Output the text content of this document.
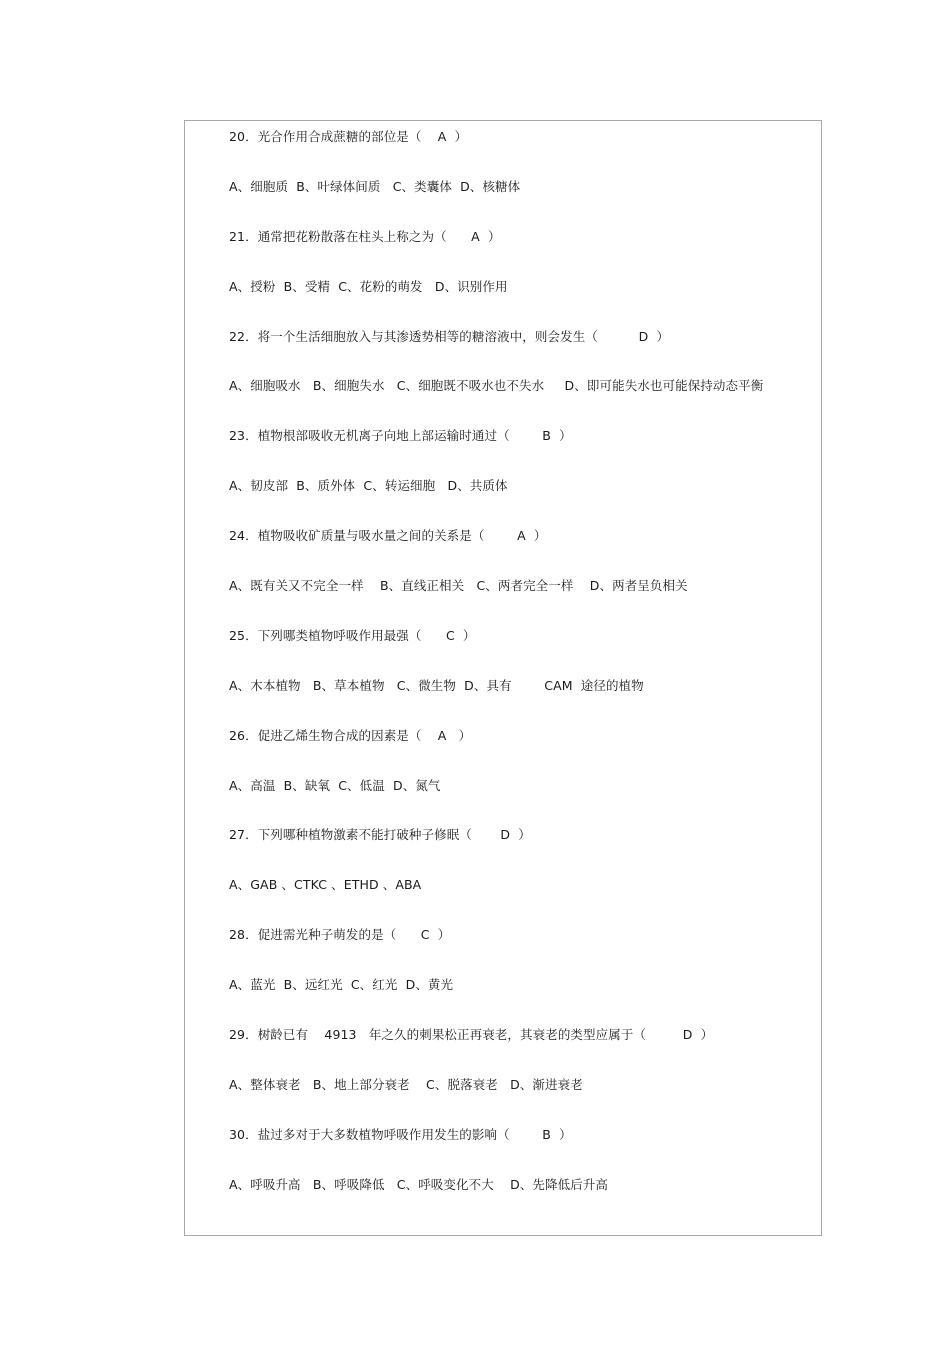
20．光合作用合成蔗糖的部位是（    A  ）
A、细胞质  B、叶绿体间质   C、类囊体  D、核糖体
21．通常把花粉散落在柱头上称之为（      A  ）
A、授粉  B、受精  C、花粉的萌发   D、识别作用
22．将一个生活细胞放入与其渗透势相等的糖溶液中，则会发生（          D  ）
A、细胞吸水   B、细胞失水   C、细胞既不吸水也不失水     D、即可能失水也可能保持动态平衡
23．植物根部吸收无机离子向地上部运输时通过（        B  ）
A、韧皮部  B、质外体  C、转运细胞   D、共质体
24．植物吸收矿质量与吸水量之间的关系是（        A  ）
A、既有关又不完全一样    B、直线正相关   C、两者完全一样    D、两者呈负相关
25．下列哪类植物呼吸作用最强（      C  ）
A、木本植物   B、草本植物   C、微生物  D、具有        CAM  途径的植物
26．促进乙烯生物合成的因素是（    A   ）
A、高温  B、缺氧  C、低温  D、氮气
27．下列哪种植物激素不能打破种子修眠（       D  ）
A、GAB 、CTKC 、ETHD 、ABA
28．促进需光种子萌发的是（      C  ）
A、蓝光  B、远红光  C、红光  D、黄光
29．树龄已有    4913   年之久的刺果松正再衰老，其衰老的类型应属于（         D  ）
A、整体衰老   B、地上部分衰老    C、脱落衰老   D、渐进衰老
30．盐过多对于大多数植物呼吸作用发生的影响（        B  ）
A、呼吸升高   B、呼吸降低   C、呼吸变化不大    D、先降低后升高
